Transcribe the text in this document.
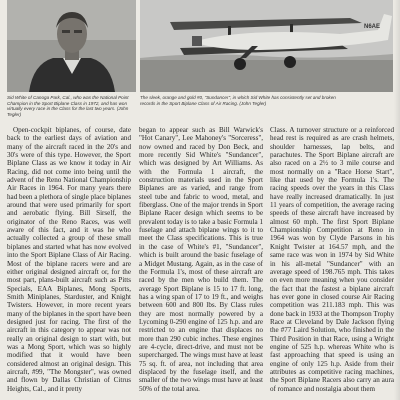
N6AE
Sid White of Canoga Park, Cal., who was the National Point Champion in the Sport Biplane Class in 1972, and has won virtually every race in the Class for the last two years. (John Tegler)
The sleek, orange and gold #0, "Sundancer", in which Sid White has consistently set and broken records in the Sport Biplane Class of Air Racing. (John Tegler)

Open-cockpit biplanes, of course, date back to the earliest days of aviation and many of the aircraft raced in the 20's and 30's were of this type. However, the Sport Biplane Class as we know it today in Air Racing, did not come into being until the advent of the Reno National Championship Air Races in 1964. For many years there had been a plethora of single place biplanes around that were used primarily for sport and aerobatic flying. Bill Sirself, the originator of the Reno Races, was well aware of this fact, and it was he who actually collected a group of these small biplanes and started what has now evolved into the Sport Biplane Class of Air Racing. Most of the biplane racers were and are either original designed aircraft or, for the most part, plans-built aircraft such as Pitts Specials, EAA Biplanes, Mong Sports, Smith Miniplanes, Starduster, and Knight Twisters. However, in more recent years many of the biplanes in the sport have been designed just for racing. The first of the aircraft in this category to appear was not really an original design to start with, but was a Mong Sport, which was so highly modified that it would have been considered almost an original design. This aircraft, #99, "The Mongster", was owned and flown by Dallas Christian of Citrus Heights, Cal., and it pretty

began to appear such as Bill Warwick's "Hot Canary", Lee Mahoney's "Sorceress", now owned and raced by Don Beck, and more recently Sid White's "Sundancer", which was designed by Art Williams. As with the Formula 1 aircraft, the construction materials used in the Sport Biplanes are as varied, and range from steel tube and fabric to wood, metal, and fiberglass. One of the major trends in Sport Biplane Racer design which seems to be prevalent today is to take a basic Formula 1 fuselage and attach biplane wings to it to meet the Class specifications. This is true in the case of White's #1, "Sundancer", which is built around the basic fuselage of a Midget Mustang. Again, as in the case of the Formula 1's, most of these aircraft are raced by the men who build them. The average Sport Biplane is 15 to 17 ft. long, has a wing span of 17 to 19 ft., and weighs between 600 and 800 lbs. By Class rules they are most normally powered by a Lycoming 0-290 engine of 125 h.p. and are restricted to an engine that displaces no more than 290 cubic inches. These engines are 4-cycle, direct-drive, and must not be supercharged. The wings must have at least 75 sq. ft. of area, not including that area displaced by the fuselage itself, and the smaller of the two wings must have at least 50% of the total area.

Class. A turnover structure or a reinforced head rest is required as are crash helmets, shoulder harnesses, lap belts, and parachutes. The Sport Biplane aircraft are also raced on a 2½ to 3 mile course and most normally on a "Race Horse Start", like that used by the Formula 1's. The racing speeds over the years in this Class have really increased dramatically. In just 11 years of competition, the average racing speeds of these aircraft have increased by almost 60 mph. The first Sport Biplane Championship Competition at Reno in 1964 was won by Clyde Parsons in his Knight Twister at 164.57 mph, and the same race was won in 1974 by Sid White in his all-metal "Sundancer" with an average speed of 198.765 mph. This takes on even more meaning when you consider the fact that the fastest a biplane aircraft has ever gone in closed course Air Racing competition was 211.183 mph. This was done back in 1933 at the Thompson Trophy Race at Cleveland by Dale Jackson flying the #77 Laird Solution, who finished in the Third Position in that Race, using a Wright engine of 525 h.p. whereas White who is fast approaching that speed is using an engine of only 125 h.p. Aside from their attributes as competitive racing machines, the Sport Biplane Racers also carry an aura of romance and nostalgia about them
